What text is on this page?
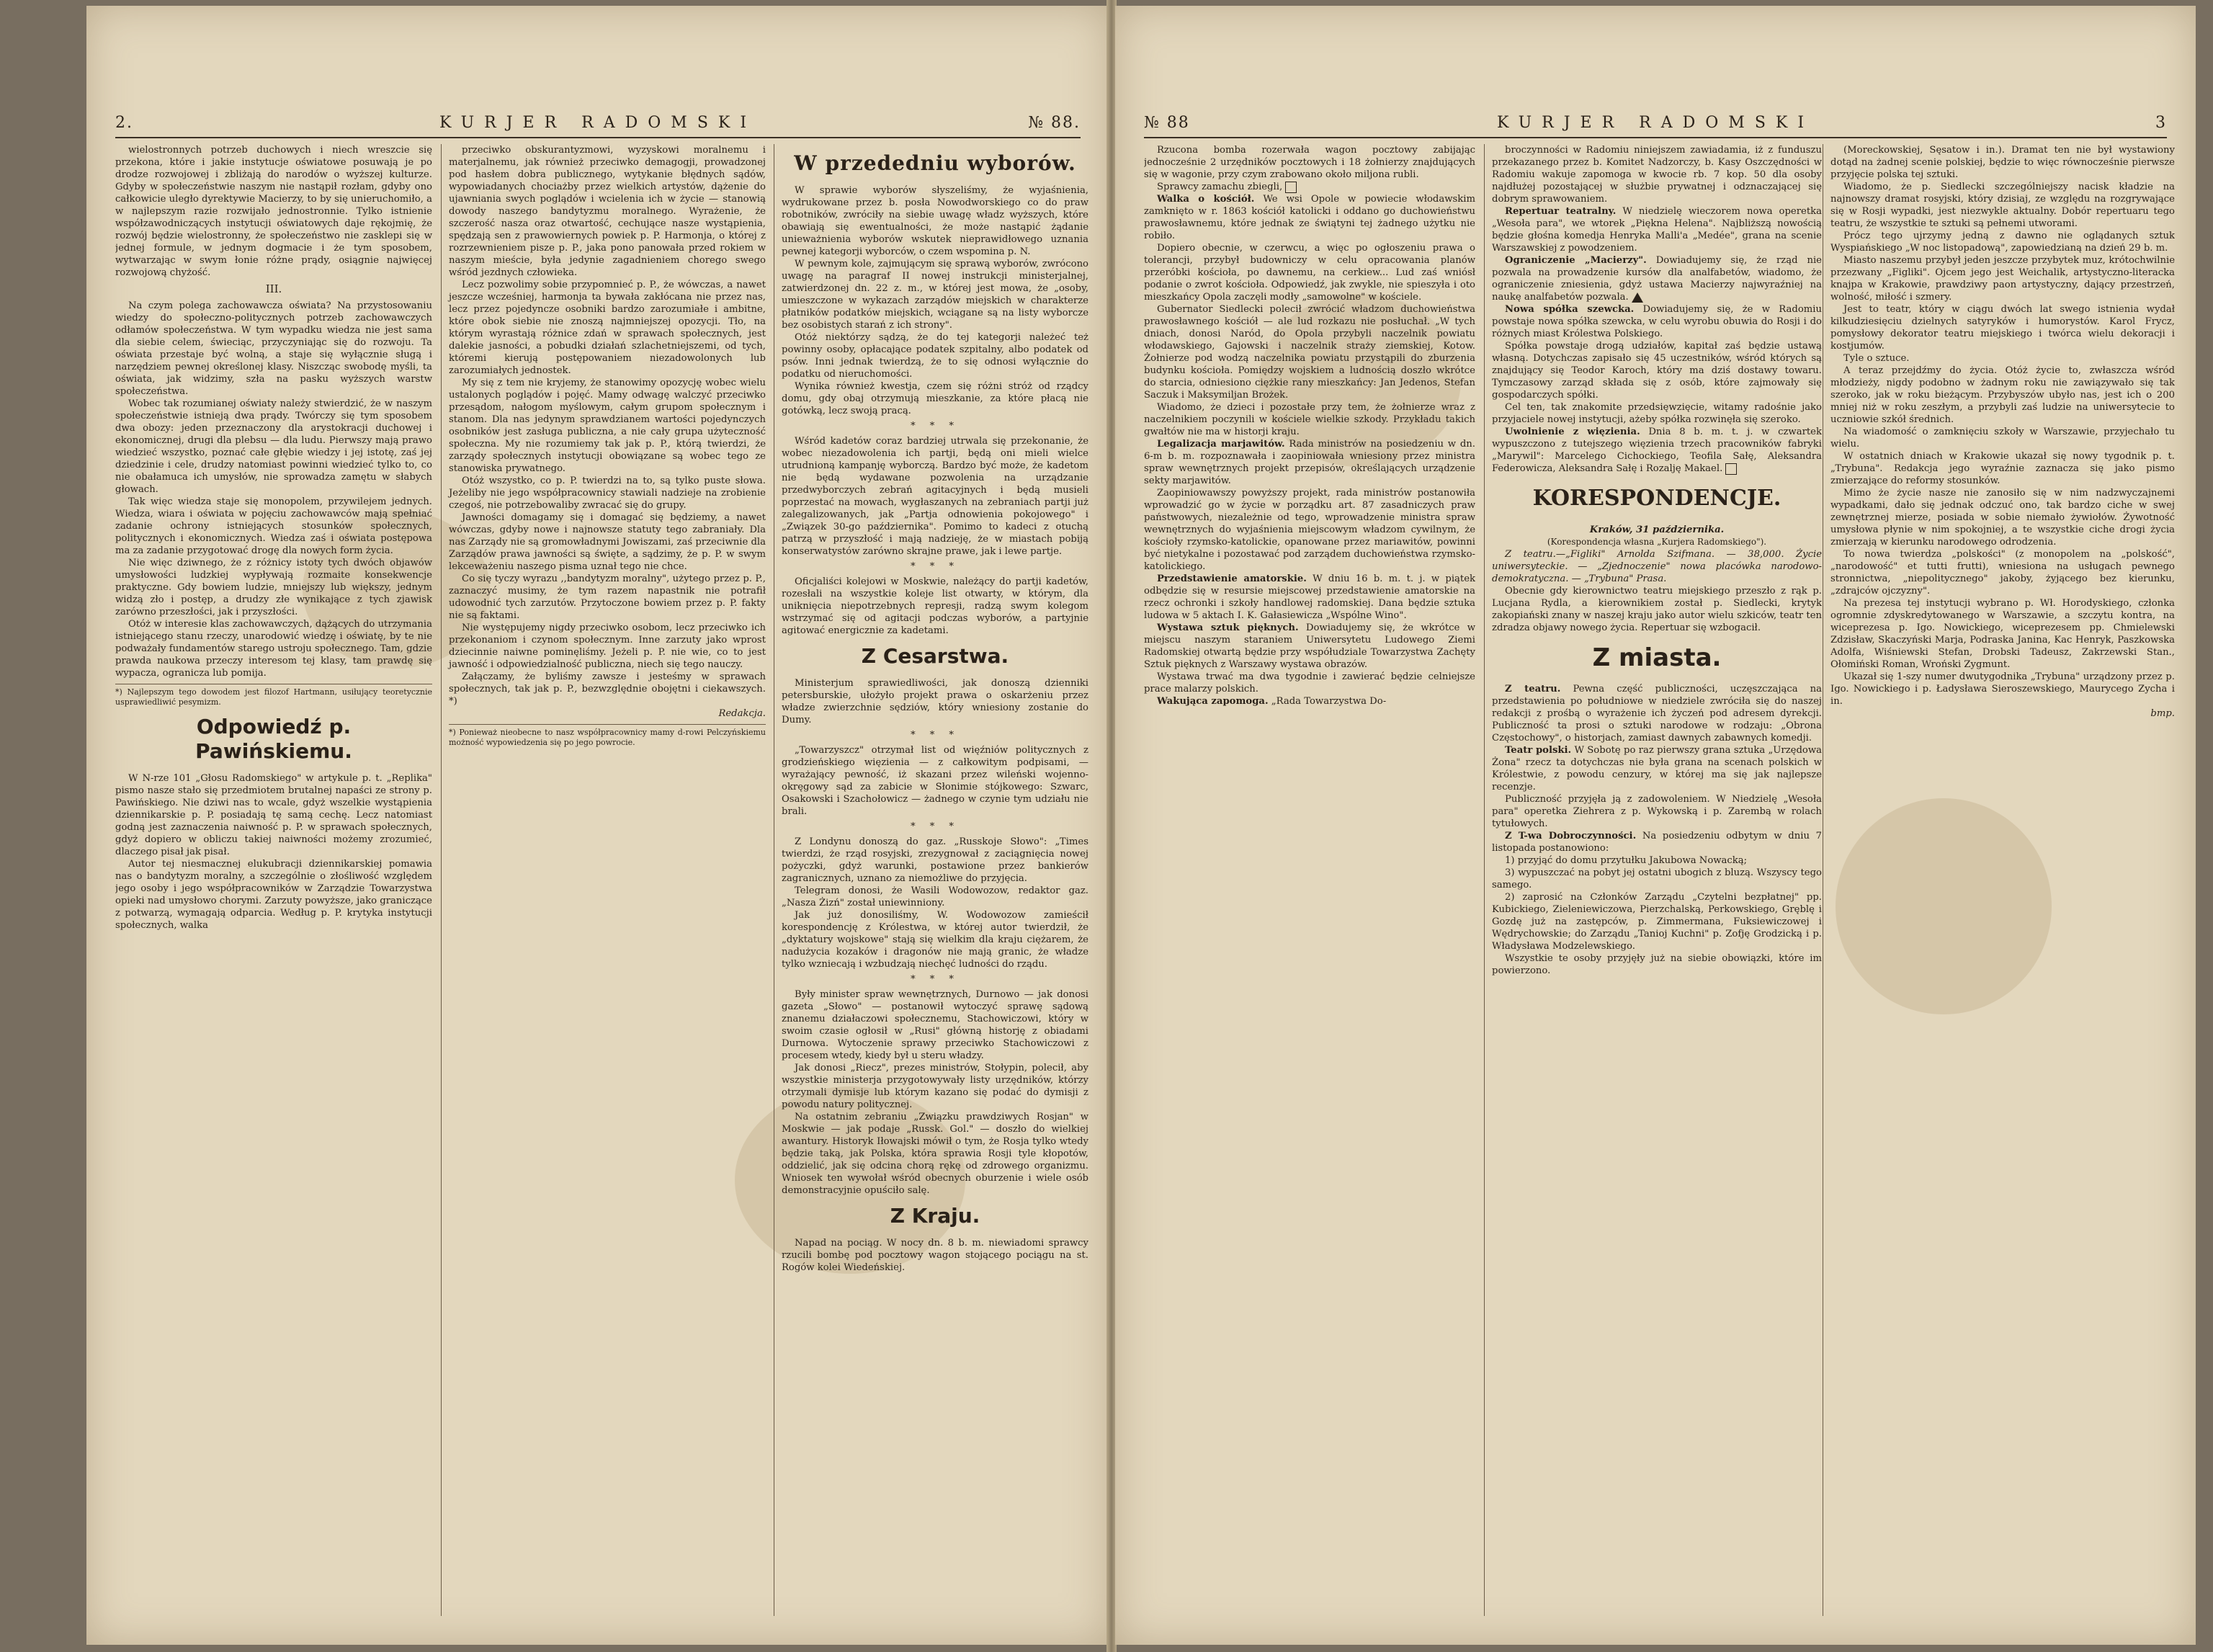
2.	KURJER RADOMSKI	№ 88.

wielostronnych potrzeb duchowych i niech wreszcie się przekona, które i jakie instytucje oświatowe posuwają je po drodze rozwojowej i zbliżają do narodów o wyższej kulturze. Gdyby w społeczeństwie naszym nie nastąpił rozłam, gdyby ono całkowicie uległo dyrektywie Macierzy, to by się unieruchomiło, a w najlepszym razie rozwijało jednostronnie. Tylko istnienie współzawodniczących instytucji oświatowych daje rękojmię, że rozwój będzie wielostronny, że społeczeństwo nie zasklepi się w jednej formule, w jednym dogmacie i że tym sposobem, wytwarzając w swym łonie różne prądy, osiągnie najwięcej rozwojową chyżość.

III.

Na czym polega zachowawcza oświata? Na przystosowaniu wiedzy do społeczno-politycznych potrzeb zachowawczych odłamów społeczeństwa. W tym wypadku wiedza nie jest sama dla siebie celem, świeciąc, przyczyniając się do rozwoju. Ta oświata przestaje być wolną, a staje się wyłącznie sługą i narzędziem pewnej określonej klasy. Niszcząc swobodę myśli, ta oświata, jak widzimy, szła na pasku wyższych warstw społeczeństwa.

Wobec tak rozumianej oświaty należy stwierdzić, że w naszym społeczeństwie istnieją dwa prądy. Twórczy się tym sposobem dwa obozy: jeden przeznaczony dla arystokracji duchowej i ekonomicznej, drugi dla plebsu — dla ludu. Pierwszy mają prawo wiedzieć wszystko, poznać całe głębie wiedzy i jej istotę, zaś jej dziedzinie i cele, drudzy natomiast powinni wiedzieć tylko to, co nie obałamuca ich umysłów, nie sprowadza zamętu w słabych głowach.

Tak więc wiedza staje się monopolem, przywilejem jednych. Wiedza, wiara i oświata w pojęciu zachowawców mają spełniać zadanie ochrony istniejących stosunków społecznych, politycznych i ekonomicznych. Wiedza zaś i oświata postępowa ma za zadanie przygotować drogę dla nowych form życia.

Nie więc dziwnego, że z różnicy istoty tych dwóch objawów umysłowości ludzkiej wypływają rozmaite konsekwencje praktyczne. Gdy bowiem ludzie, mniejszy lub większy, jednym widzą zło i postęp, a drudzy złe wynikające z tych zjawisk zarówno przeszłości, jak i przyszłości.

Otóż w interesie klas zachowawczych, dążących do utrzymania istniejącego stanu rzeczy, unarodowić wiedzę i oświatę, by te nie podważały fundamentów starego ustroju społecznego. Tam, gdzie prawda naukowa przeczy interesom tej klasy, tam prawdę się wypacza, ogranicza lub pomija.

*) Najlepszym tego dowodem jest filozof Hartmann, usiłujący teoretycznie usprawiedliwić pesymizm.
Odpowiedź p. Pawińskiemu.

W N-rze 101 „Głosu Radomskiego" w artykule p. t. „Replika" pismo nasze stało się przedmiotem brutalnej napaści ze strony p. Pawińskiego. Nie dziwi nas to wcale, gdyż wszelkie wystąpienia dziennikarskie p. P. posiadają tę samą cechę. Lecz natomiast godną jest zaznaczenia naiwność p. P. w sprawach społecznych, gdyż dopiero w obliczu takiej naiwności możemy zrozumieć, dlaczego pisał jak pisał.

Autor tej niesmacznej elukubracji dziennikarskiej pomawia nas o bandytyzm moralny, a szczególnie o złośliwość względem jego osoby i jego współpracowników w Zarządzie Towarzystwa opieki nad umysłowo chorymi. Zarzuty powyższe, jako graniczące z potwarzą, wymagają odparcia. Według p. P. krytyka instytucji społecznych, walka

przeciwko obskurantyzmowi, wyzyskowi moralnemu i materjalnemu, jak również przeciwko demagogji, prowadzonej pod hasłem dobra publicznego, wytykanie błędnych sądów, wypowiadanych chociażby przez wielkich artystów, dążenie do ujawniania swych poglądów i wcielenia ich w życie — stanowią dowody naszego bandytyzmu moralnego. Wyrażenie, że szczerość nasza oraz otwartość, cechujące nasze wystąpienia, spędzają sen z prawowiernych powiek p. P. Harmonja, o której z rozrzewnieniem pisze p. P., jaka pono panowała przed rokiem w naszym mieście, była jedynie zagadnieniem chorego swego wśród jezdnych człowieka.

Lecz pozwolimy sobie przypomnieć p. P., że wówczas, a nawet jeszcze wcześniej, harmonja ta bywała zakłócana nie przez nas, lecz przez pojedyncze osobniki bardzo zarozumiałe i ambitne, które obok siebie nie znoszą najmniejszej opozycji. Tło, na którym wyrastają różnice zdań w sprawach społecznych, jest dalekie jasności, a pobudki działań szlachetniejszemi, od tych, któremi kierują postępowaniem niezadowolonych lub zarozumiałych jednostek.

My się z tem nie kryjemy, że stanowimy opozycję wobec wielu ustalonych poglądów i pojęć. Mamy odwagę walczyć przeciwko przesądom, nałogom myślowym, całym grupom społecznym i stanom. Dla nas jedynym sprawdzianem wartości pojedynczych osobników jest zasługa publiczna, a nie cały grupa użyteczność społeczna. My nie rozumiemy tak jak p. P., którą twierdzi, że zarządy społecznych instytucji obowiązane są wobec tego ze stanowiska prywatnego.

Otóż wszystko, co p. P. twierdzi na to, są tylko puste słowa. Jeżeliby nie jego współpracownicy stawiali nadzieje na zrobienie czegoś, nie potrzebowaliby zwracać się do grupy.

Jawności domagamy się i domagać się będziemy, a nawet wówczas, gdyby nowe i najnowsze statuty tego zabraniały. Dla nas Zarządy nie są gromowładnymi Jowiszami, zaś przeciwnie dla Zarządów prawa jawności są święte, a sądzimy, że p. P. w swym lekceważeniu naszego pisma uznał tego nie chce.

Co się tyczy wyrazu ,,bandytyzm moralny", użytego przez p. P., zaznaczyć musimy, że tym razem napastnik nie potrafił udowodnić tych zarzutów. Przytoczone bowiem przez p. P. fakty nie są faktami.

Nie występujemy nigdy przeciwko osobom, lecz przeciwko ich przekonaniom i czynom społecznym. Inne zarzuty jako wprost dziecinnie naiwne pominęliśmy. Jeżeli p. P. nie wie, co to jest jawność i odpowiedzialność publiczna, niech się tego nauczy.

Załączamy, że byliśmy zawsze i jesteśmy w sprawach społecznych, tak jak p. P., bezwzględnie obojętni i ciekawszych. *)

Redakcja.
*) Ponieważ nieobecne to nasz współpracownicy mamy d-rowi Pelczyńskiemu możność wypowiedzenia się po jego powrocie.
W przededniu wyborów.

W sprawie wyborów słyszeliśmy, że wyjaśnienia, wydrukowane przez b. posła Nowodworskiego co do praw robotników, zwróciły na siebie uwagę władz wyższych, które obawiają się ewentualności, że może nastąpić żądanie unieważnienia wyborów wskutek nieprawidłowego uznania pewnej kategorji wyborców, o czem wspomina p. N.

W pewnym kole, zajmującym się sprawą wyborów, zwrócono uwagę na paragraf II nowej instrukcji ministerjalnej, zatwierdzonej dn. 22 z. m., w której jest mowa, że „osoby, umieszczone w wykazach zarządów miejskich w charakterze płatników podatków miejskich, wciągane są na listy wyborcze bez osobistych starań z ich strony".

Otóż niektórzy sądzą, że do tej kategorji należeć też powinny osoby, opłacające podatek szpitalny, albo podatek od psów. Inni jednak twierdzą, że to się odnosi wyłącznie do podatku od nieruchomości.

Wynika również kwestja, czem się różni stróż od rządcy domu, gdy obaj otrzymują mieszkanie, za które płacą nie gotówką, lecz swoją pracą.

* * *

Wśród kadetów coraz bardziej utrwala się przekonanie, że wobec niezadowolenia ich partji, będą oni mieli wielce utrudnioną kampanję wyborczą. Bardzo być może, że kadetom nie będą wydawane pozwolenia na urządzanie przedwyborczych zebrań agitacyjnych i będą musieli poprzestać na mowach, wygłaszanych na zebraniach partji już zalegalizowanych, jak „Partja odnowienia pokojowego" i „Związek 30-go października". Pomimo to kadeci z otuchą patrzą w przyszłość i mają nadzieję, że w miastach pobiją konserwatystów zarówno skrajne prawe, jak i lewe partje.

* * *

Oficjaliści kolejowi w Moskwie, należący do partji kadetów, rozesłali na wszystkie koleje list otwarty, w którym, dla uniknięcia niepotrzebnych represji, radzą swym kolegom wstrzymać się od agitacji podczas wyborów, a partyjnie agitować energicznie za kadetami.

Z Cesarstwa.

Ministerjum sprawiedliwości, jak donoszą dzienniki petersburskie, ułożyło projekt prawa o oskarżeniu przez władze zwierzchnie sędziów, który wniesiony zostanie do Dumy.

* * *

„Towarzyszcz" otrzymał list od więźniów politycznych z grodzieńskiego więzienia — z całkowitym podpisami, — wyrażający pewność, iż skazani przez wileński wojenno-okręgowy sąd za zabicie w Słonimie stójkowego: Szwarc, Osakowski i Szachołowicz — żadnego w czynie tym udziału nie brali.

* * *

Z Londynu donoszą do gaz. „Russkoje Słowo": „Times twierdzi, że rząd rosyjski, zrezygnował z zaciągnięcia nowej pożyczki, gdyż warunki, postawione przez bankierów zagranicznych, uznano za niemożliwe do przyjęcia.

Telegram donosi, że Wasili Wodowozow, redaktor gaz. „Nasza Żizń" został uniewinniony.

Jak już donosiliśmy, W. Wodowozow zamieścił korespondencję z Królestwa, w której autor twierdził, że „dyktatury wojskowe" stają się wielkim dla kraju ciężarem, że nadużycia kozaków i dragonów nie mają granic, że władze tylko wzniecają i wzbudzają niechęć ludności do rządu.

* * *

Były minister spraw wewnętrznych, Durnowo — jak donosi gazeta „Słowo" — postanowił wytoczyć sprawę sądową znanemu działaczowi społecznemu, Stachowiczowi, który w swoim czasie ogłosił w „Rusi" główną historję z obiadami Durnowa. Wytoczenie sprawy przeciwko Stachowiczowi z procesem wtedy, kiedy był u steru władzy.

Jak donosi „Riecz", prezes ministrów, Stołypin, polecił, aby wszystkie ministerja przygotowywały listy urzędników, którzy otrzymali dymisje lub którym kazano się podać do dymisji z powodu natury politycznej.

Na ostatnim zebraniu „Związku prawdziwych Rosjan" w Moskwie — jak podaje „Russk. Gol." — doszło do wielkiej awantury. Historyk Iłowajski mówił o tym, że Rosja tylko wtedy będzie taką, jak Polska, która sprawia Rosji tyle kłopotów, oddzielić, jak się odcina chorą rękę od zdrowego organizmu. Wniosek ten wywołał wśród obecnych oburzenie i wiele osób demonstracyjnie opuściło salę.

Z Kraju.

Napad na pociąg. W nocy dn. 8 b. m. niewiadomi sprawcy rzucili bombę pod pocztowy wagon stojącego pociągu na st. Rogów kolei Wiedeńskiej.

3
KURJER RADOMSKI
№ 88

Rzucona bomba rozerwała wagon pocztowy zabijając jednocześnie 2 urzędników pocztowych i 18 żołnierzy znajdujących się w wagonie, przy czym zrabowano około miljona rubli.

Sprawcy zamachu zbiegli,

Walka o kościół. We wsi Opole w powiecie włodawskim zamknięto w r. 1863 kościół katolicki i oddano go duchowieństwu prawosławnemu, które jednak ze świątyni tej żadnego użytku nie robiło.

Dopiero obecnie, w czerwcu, a więc po ogłoszeniu prawa o tolerancji, przybył budowniczy w celu opracowania planów przeróbki kościoła, po dawnemu, na cerkiew... Lud zaś wniósł podanie o zwrot kościoła. Odpowiedź, jak zwykle, nie spieszyła i oto mieszkańcy Opola zaczęli modły „samowolne" w kościele.

Gubernator Siedlecki polecił zwrócić władzom duchowieństwa prawosławnego kościół — ale lud rozkazu nie posłuchał. „W tych dniach, donosi Naród, do Opola przybyli naczelnik powiatu włodawskiego, Gajowski i naczelnik straży ziemskiej, Kotow. Żołnierze pod wodzą naczelnika powiatu przystąpili do zburzenia budynku kościoła. Pomiędzy wojskiem a ludnością doszło wkrótce do starcia, odniesiono ciężkie rany mieszkańcy: Jan Jedenos, Stefan Saczuk i Maksymiljan Brożek.

Wiadomo, że dzieci i pozostałe przy tem, że żołnierze wraz z naczelnikiem poczynili w kościele wielkie szkody. Przykładu takich gwałtów nie ma w historji kraju.

Legalizacja marjawitów. Rada ministrów na posiedzeniu w dn. 6-m b. m. rozpoznawała i zaopiniowała wniesiony przez ministra spraw wewnętrznych projekt przepisów, określających urządzenie sekty marjawitów.

Zaopiniowawszy powyższy projekt, rada ministrów postanowiła wprowadzić go w życie w porządku art. 87 zasadniczych praw państwowych, niezależnie od tego, wprowadzenie ministra spraw wewnętrznych do wyjaśnienia miejscowym władzom cywilnym, że kościoły rzymsko-katolickie, opanowane przez mariawitów, powinni być nietykalne i pozostawać pod zarządem duchowieństwa rzymsko-katolickiego.

Przedstawienie amatorskie. W dniu 16 b. m. t. j. w piątek odbędzie się w resursie miejscowej przedstawienie amatorskie na rzecz ochronki i szkoły handlowej radomskiej. Dana będzie sztuka ludowa w 5 aktach I. K. Gałasiewicza „Wspólne Wino".

Wystawa sztuk pięknych. Dowiadujemy się, że wkrótce w miejscu naszym staraniem Uniwersytetu Ludowego Ziemi Radomskiej otwartą będzie przy współudziale Towarzystwa Zachęty Sztuk pięknych z Warszawy wystawa obrazów.

Wystawa trwać ma dwa tygodnie i zawierać będzie celniejsze prace malarzy polskich.

Wakująca zapomoga. „Rada Towarzystwa Do-

broczynności w Radomiu niniejszem zawiadamia, iż z funduszu przekazanego przez b. Komitet Nadzorczy, b. Kasy Oszczędności w Radomiu wakuje zapomoga w kwocie rb. 7 kop. 50 dla osoby najdłużej pozostającej w służbie prywatnej i odznaczającej się dobrym sprawowaniem.

Repertuar teatralny. W niedzielę wieczorem nowa operetka „Wesoła para", we wtorek „Piękna Helena". Najbliższą nowością będzie głośna komedja Henryka Malli'a „Medée", grana na scenie Warszawskiej z powodzeniem.

Ograniczenie „Macierzy". Dowiadujemy się, że rząd nie pozwala na prowadzenie kursów dla analfabetów, wiadomo, że ograniczenie zniesienia, gdyż ustawa Macierzy najwyraźniej na naukę analfabetów pozwala.

Nowa spółka szewcka. Dowiadujemy się, że w Radomiu powstaje nowa spółka szewcka, w celu wyrobu obuwia do Rosji i do różnych miast Królestwa Polskiego.

Spółka powstaje drogą udziałów, kapitał zaś będzie ustawą własną. Dotychczas zapisało się 45 uczestników, wśród których są znajdujący się Teodor Karoch, który ma dziś dostawy towaru. Tymczasowy zarząd składa się z osób, które zajmowały się gospodarczych spółki.

Cel ten, tak znakomite przedsięwzięcie, witamy radośnie jako przyjaciele nowej instytucji, ażeby spółka rozwinęła się szeroko.

Uwolnienie z więzienia. Dnia 8 b. m. t. j. w czwartek wypuszczono z tutejszego więzienia trzech pracowników fabryki „Marywil": Marcelego Cichockiego, Teofila Sałę, Aleksandra Federowicza, Aleksandra Sałę i Rozalję Makael.

KORESPONDENCJE.
Kraków, 31 października.
(Korespondencja własna „Kurjera Radomskiego").

Z teatru.—„Figliki" Arnolda Szifmana. — 38,000. Życie uniwersyteckie. — „Zjednoczenie" nowa placówka narodowo-demokratyczna. — „Trybuna" Prasa.

Obecnie gdy kierownictwo teatru miejskiego przeszło z rąk p. Lucjana Rydla, a kierownikiem został p. Siedlecki, krytyk zakopiański znany w naszej kraju jako autor wielu szkiców, teatr ten zdradza objawy nowego życia. Repertuar się wzbogacił.

Z miasta.

Z teatru. Pewna część publiczności, uczęszczająca na przedstawienia po południowe w niedziele zwróciła się do naszej redakcji z prośbą o wyrażenie ich życzeń pod adresem dyrekcji. Publiczność ta prosi o sztuki narodowe w rodzaju: „Obrona Częstochowy", o historjach, zamiast dawnych zabawnych komedji.

Teatr polski. W Sobotę po raz pierwszy grana sztuka „Urzędowa Żona" rzecz ta dotychczas nie była grana na scenach polskich w Królestwie, z powodu cenzury, w której ma się jak najlepsze recenzje.

Publiczność przyjęła ją z zadowoleniem. W Niedzielę „Wesoła para" operetka Ziehrera z p. Wykowską i p. Zarembą w rolach tytułowych.

Z T-wa Dobroczynności. Na posiedzeniu odbytym w dniu 7 listopada postanowiono:

1) przyjąć do domu przytułku Jakubowa Nowacką;

3) wypuszczać na pobyt jej ostatni ubogich z bluzą. Wszyscy tego samego.

2) zaprosić na Członków Zarządu „Czytelni bezpłatnej" pp. Kubickiego, Zieleniewiczowa, Pierzchalską, Perkowskiego, Gręblę i Gozdę już na zastępców, p. Zimmermana, Fuksiewiczowej i Wędrychowskie; do Zarządu „Tanioj Kuchni" p. Zofję Grodzicką i p. Władysława Modzelewskiego.

Wszystkie te osoby przyjęły już na siebie obowiązki, które im powierzono.

(Moreckowskiej, Sęsatow i in.). Dramat ten nie był wystawiony dotąd na żadnej scenie polskiej, będzie to więc równocześnie pierwsze przyjęcie polska tej sztuki.

Wiadomo, że p. Siedlecki szczególniejszy nacisk kładzie na najnowszy dramat rosyjski, który dzisiaj, ze względu na rozgrywające się w Rosji wypadki, jest niezwykle aktualny. Dobór repertuaru tego teatru, że wszystkie te sztuki są pełnemi utworami.

Prócz tego ujrzymy jedną z dawno nie oglądanych sztuk Wyspiańskiego „W noc listopadową", zapowiedzianą na dzień 29 b. m.

Miasto naszemu przybył jeden jeszcze przybytek muz, krótochwilnie przezwany „Figliki". Ojcem jego jest Weichalik, artystyczno-literacka knajpa w Krakowie, prawdziwy paon artystyczny, dający przestrzeń, wolność, miłość i szmery.

Jest to teatr, który w ciągu dwóch lat swego istnienia wydał kilkudziesięciu dzielnych satyryków i humorystów. Karol Frycz, pomysłowy dekorator teatru miejskiego i twórca wielu dekoracji i kostjumów.

Tyle o sztuce.

A teraz przejdźmy do życia. Otóż życie to, zwłaszcza wśród młodzieży, nigdy podobno w żadnym roku nie zawiązywało się tak szeroko, jak w roku bieżącym. Przybyszów ubyło nas, jest ich o 200 mniej niż w roku zeszłym, a przybyli zaś ludzie na uniwersytecie to uczniowie szkół średnich.

Na wiadomość o zamknięciu szkoły w Warszawie, przyjechało tu wielu.

W ostatnich dniach w Krakowie ukazał się nowy tygodnik p. t. „Trybuna". Redakcja jego wyraźnie zaznacza się jako pismo zmierzające do reformy stosunków.

Mimo że życie nasze nie zanosiło się w nim nadzwyczajnemi wypadkami, dało się jednak odczuć ono, tak bardzo ciche w swej zewnętrznej mierze, posiada w sobie niemało żywiołów. Żywotność umysłowa płynie w nim spokojniej, a te wszystkie ciche drogi życia zmierzają w kierunku narodowego odrodzenia.

To nowa twierdza „polskości" (z monopolem na „polskość", „narodowość" et tutti frutti), wniesiona na usługach pewnego stronnictwa, „niepolitycznego" jakoby, żyjącego bez kierunku, „zdrajców ojczyzny".

Na prezesa tej instytucji wybrano p. Wł. Horodyskiego, członka ogromnie zdyskredytowanego w Warszawie, a szczytu kontra, na wiceprezesa p. Igo. Nowickiego, wiceprezesem pp. Chmielewski Zdzisław, Skaczyński Marja, Podraska Janina, Kac Henryk, Paszkowska Adolfa, Wiśniewski Stefan, Drobski Tadeusz, Zakrzewski Stan., Ołomiński Roman, Wroński Zygmunt.

Ukazał się 1-szy numer dwutygodnika „Trybuna" urządzony przez p. Igo. Nowickiego i p. Ładysława Sieroszewskiego, Maurycego Zycha i in.

bmp.
